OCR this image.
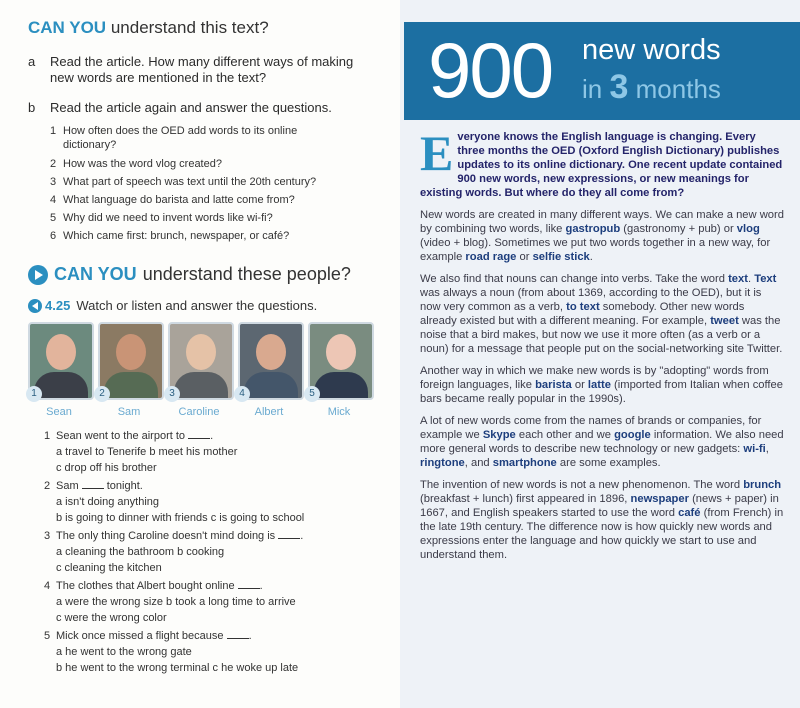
CAN YOU understand this text?
a Read the article. How many different ways of making new words are mentioned in the text?
b Read the article again and answer the questions.
1 How often does the OED add words to its online
dictionary?
2 How was the word vlog created?
3 What part of speech was text until the 20th century?
4 What language do barista and latte come from?
5 Why did we need to invent words like wi-fi?
6 Which came first: brunch, newspaper, or café?
CAN YOU understand these people?
4.25 Watch or listen and answer the questions.
1	2	3	4	5
Sean	Sam	Caroline	Albert	Mick
1 Sean went to the airport to .
a travel to Tenerife b meet his mother
c drop off his brother
2 Sam	tonight.
a isn't doing anything
b is going to dinner with friends c is going to school
3 The only thing Caroline doesn't mind doing is .
a cleaning the bathroom b cooking
c cleaning the kitchen
4 The clothes that Albert bought online .
a were the wrong size b took a long time to arrive
c were the wrong color
5 Mick once missed a flight because .
a he went to the wrong gate
b he went to the wrong terminal c he woke up late
900 new words
in 3 months

Everyone knows the English language is changing. Every three months the OED (Oxford English Dictionary) publishes updates to its online dictionary. One recent update contained 900 new words, new expressions, or new meanings for existing words. But where do they all come from?

New words are created in many different ways. We can make a new word by combining two words, like gastropub (gastronomy + pub) or vlog (video + blog). Sometimes we put two words together in a new way, for example road rage or selfie stick.

We also find that nouns can change into verbs. Take the word text. Text was always a noun (from about 1369, according to the OED), but it is now very common as a verb, to text somebody. Other new words already existed but with a different meaning. For example, tweet was the noise that a bird makes, but now we use it more often (as a verb or a noun) for a message that people put on the social-networking site Twitter.

Another way in which we make new words is by "adopting" words from foreign languages, like barista or latte (imported from Italian when coffee bars became really popular in the 1990s).

A lot of new words come from the names of brands or companies, for example we Skype each other and we google information. We also need more general words to describe new technology or new gadgets: wi-fi, ringtone, and smartphone are some examples.

The invention of new words is not a new phenomenon. The word brunch (breakfast + lunch) first appeared in 1896, newspaper (news + paper) in 1667, and English speakers started to use the word café (from French) in the late 19th century. The difference now is how quickly new words and expressions enter the language and how quickly we start to use and understand them.
